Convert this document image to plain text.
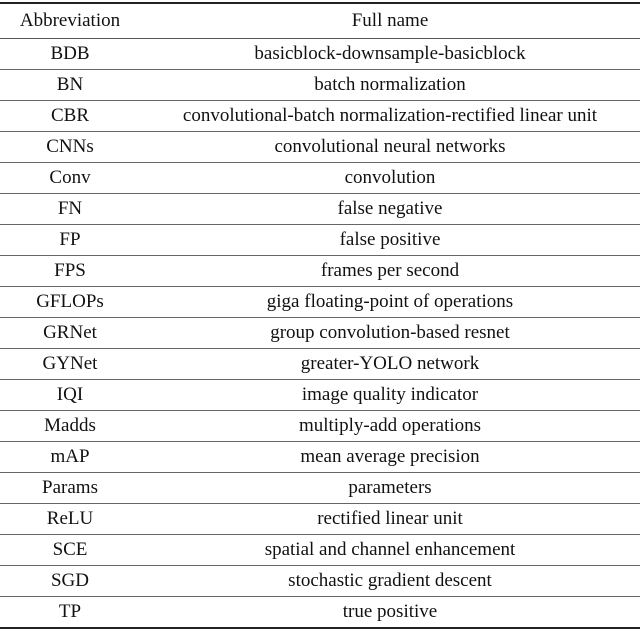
Abbreviation	Full name
BDB	basicblock-downsample-basicblock
BN	batch normalization
CBR	convolutional-batch normalization-rectified linear unit
CNNs	convolutional neural networks
Conv	convolution
FN	false negative
FP	false positive
FPS	frames per second
GFLOPs	giga floating-point of operations
GRNet	group convolution-based resnet
GYNet	greater-YOLO network
IQI	image quality indicator
Madds	multiply-add operations
mAP	mean average precision
Params	parameters
ReLU	rectified linear unit
SCE	spatial and channel enhancement
SGD	stochastic gradient descent
TP	true positive
